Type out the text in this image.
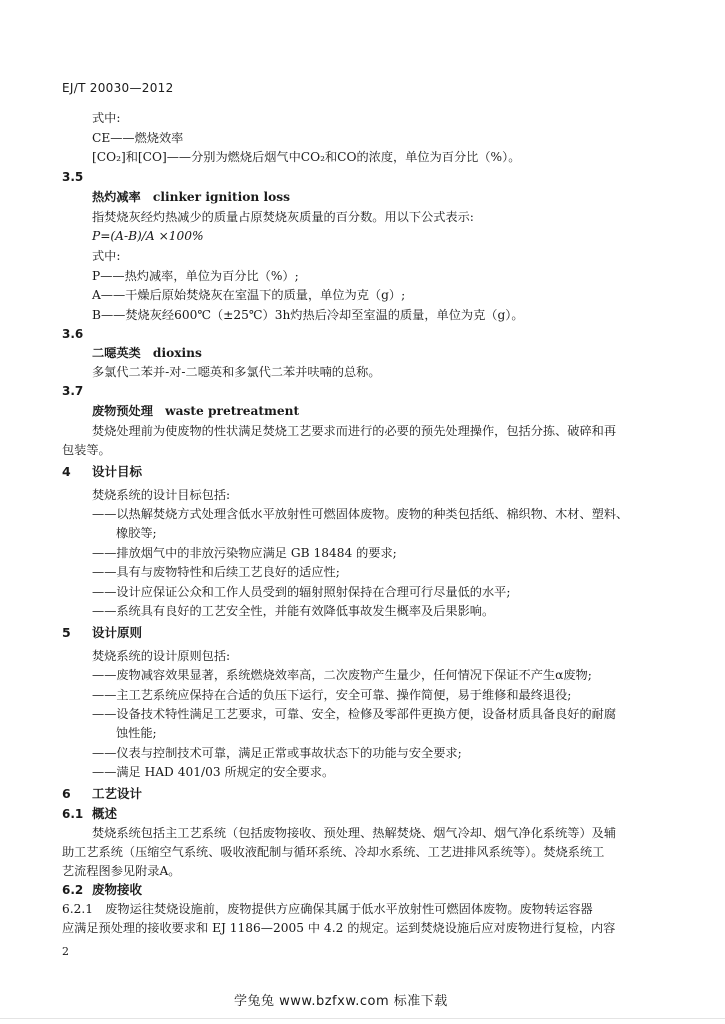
EJ/T 20030—2012
式中:
CE——燃烧效率
[CO₂]和[CO]——分别为燃烧后烟气中CO₂和CO的浓度，单位为百分比（%）。
3.5
热灼减率　clinker ignition loss
指焚烧灰经灼热减少的质量占原焚烧灰质量的百分数。用以下公式表示:
P=(A-B)/A ×100%
式中:
P——热灼减率，单位为百分比（%）;
A——干燥后原始焚烧灰在室温下的质量，单位为克（g）;
B——焚烧灰经600℃（±25℃）3h灼热后冷却至室温的质量，单位为克（g）。
3.6
二噁英类　dioxins
多氯代二苯并-对-二噁英和多氯代二苯并呋喃的总称。
3.7
废物预处理　waste pretreatment
焚烧处理前为使废物的性状满足焚烧工艺要求而进行的必要的预先处理操作，包括分拣、破碎和再
包装等。
4 设计目标
焚烧系统的设计目标包括:
——以热解焚烧方式处理含低水平放射性可燃固体废物。废物的种类包括纸、棉织物、木材、塑料、
橡胶等;
——排放烟气中的非放污染物应满足 GB 18484 的要求;
——具有与废物特性和后续工艺良好的适应性;
——设计应保证公众和工作人员受到的辐射照射保持在合理可行尽量低的水平;
——系统具有良好的工艺安全性，并能有效降低事故发生概率及后果影响。
5 设计原则
焚烧系统的设计原则包括:
——废物减容效果显著，系统燃烧效率高，二次废物产生量少，任何情况下保证不产生α废物;
——主工艺系统应保持在合适的负压下运行，安全可靠、操作简便，易于维修和最终退役;
——设备技术特性满足工艺要求，可靠、安全，检修及零部件更换方便，设备材质具备良好的耐腐
蚀性能;
——仪表与控制技术可靠，满足正常或事故状态下的功能与安全要求;
——满足 HAD 401/03 所规定的安全要求。
6 工艺设计
6.1 概述
焚烧系统包括主工艺系统（包括废物接收、预处理、热解焚烧、烟气冷却、烟气净化系统等）及辅
助工艺系统（压缩空气系统、吸收液配制与循环系统、冷却水系统、工艺进排风系统等）。焚烧系统工
艺流程图参见附录A。
6.2 废物接收
6.2.1　废物运往焚烧设施前，废物提供方应确保其属于低水平放射性可燃固体废物。废物转运容器
应满足预处理的接收要求和 EJ 1186—2005 中 4.2 的规定。运到焚烧设施后应对废物进行复检，内容
2
学兔兔 www.bzfxw.com 标准下载
